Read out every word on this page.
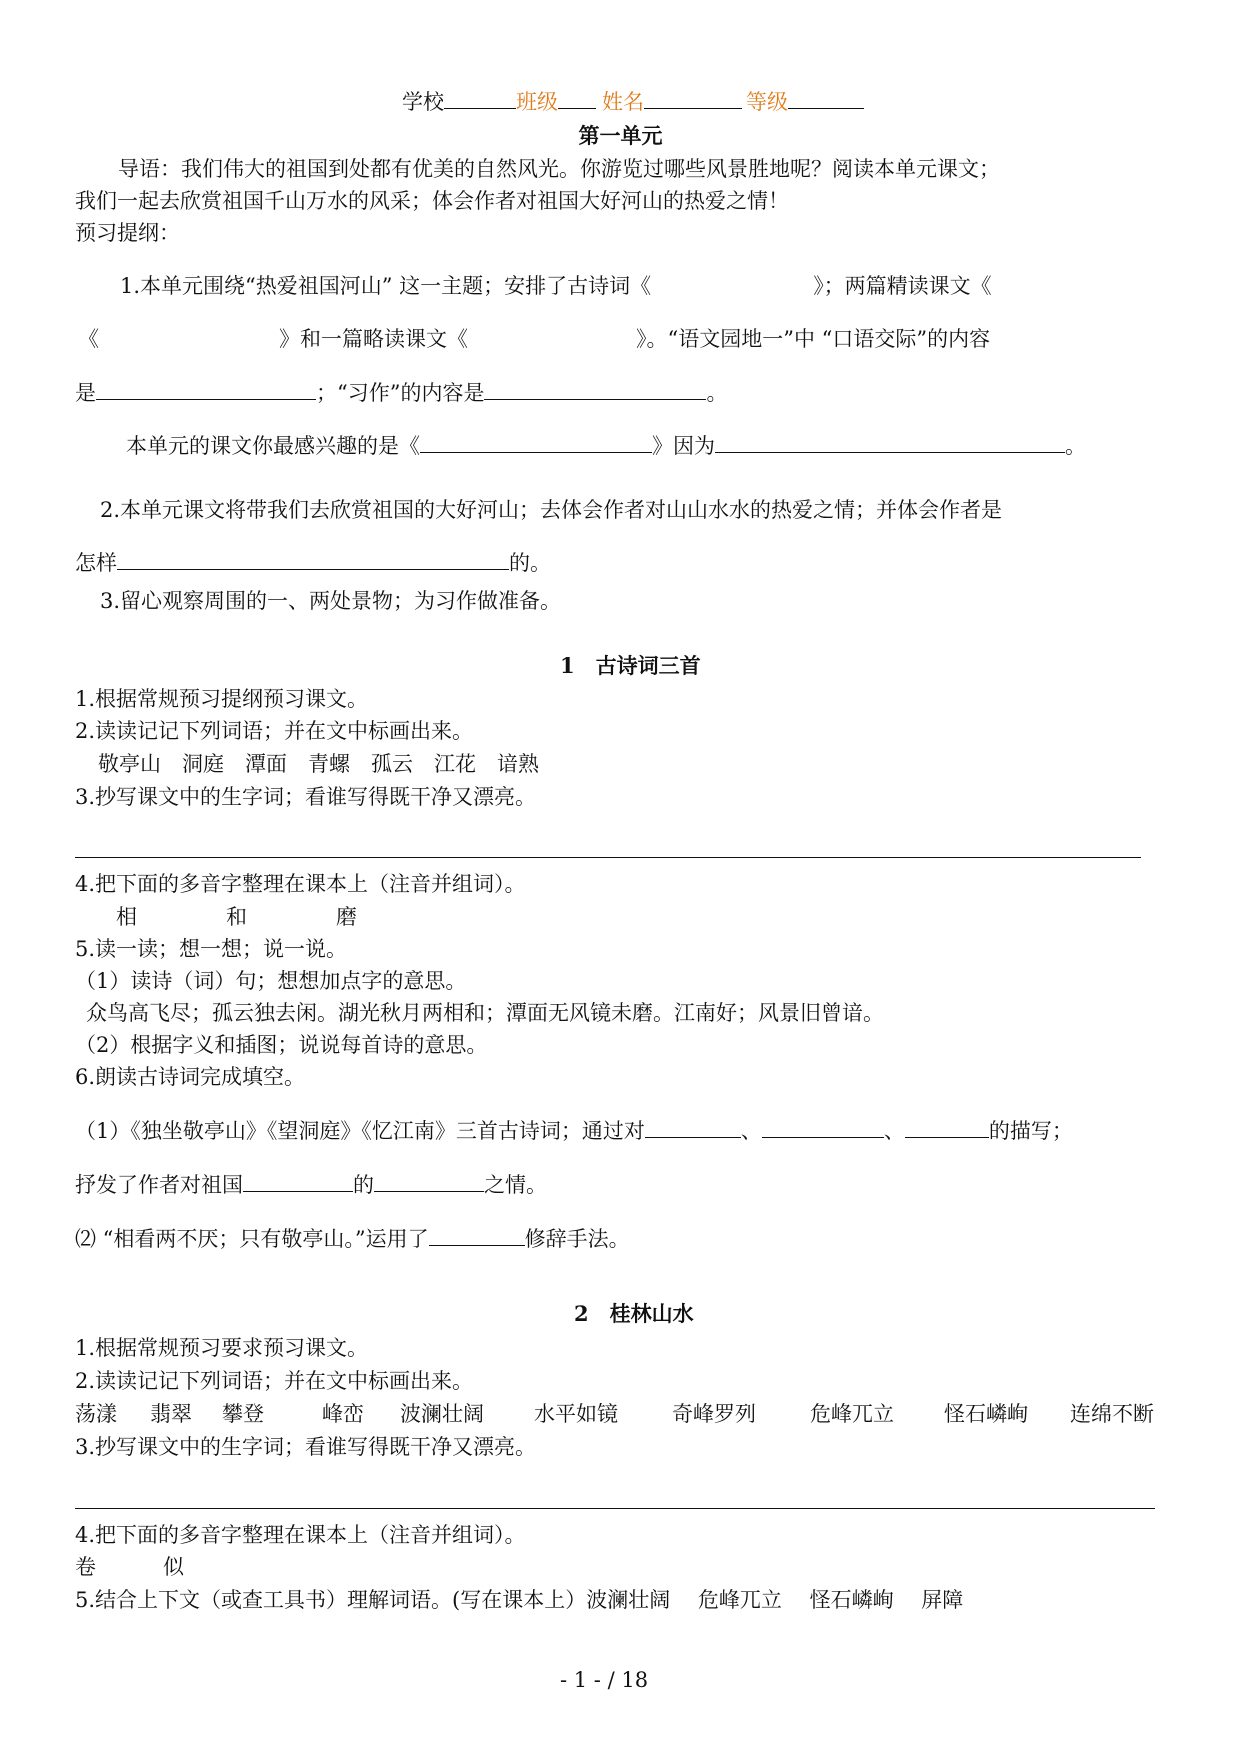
学校	班级 姓名	等级
第一单元
导语：我们伟大的祖国到处都有优美的自然风光。你游览过哪些风景胜地呢？阅读本单元课文；
我们一起去欣赏祖国千山万水的风采；体会作者对祖国大好河山的热爱之情！
预习提纲：
1.本单元围绕“热爱祖国河山” 这一主题；安排了古诗词《	》；两篇精读课文《
《	》和一篇略读课文《	》。“语文园地一”中 “口语交际”的内容
是	；“习作”的内容是	。
本单元的课文你最感兴趣的是《	》因为	。
2.本单元课文将带我们去欣赏祖国的大好河山；去体会作者对山山水水的热爱之情；并体会作者是
怎样	的。
3.留心观察周围的一、两处景物；为习作做准备。
1　古诗词三首
1.根据常规预习提纲预习课文。
2.读读记记下列词语；并在文中标画出来。
敬亭山　洞庭　潭面　青螺　孤云　江花　谙熟
3.抄写课文中的生字词；看谁写得既干净又漂亮。
4.把下面的多音字整理在课本上（注音并组词）。
相	和	磨
5.读一读；想一想；说一说。
（1）读诗（词）句；想想加点字的意思。
众鸟高飞尽；孤云独去闲。湖光秋月两相和；潭面无风镜未磨。江南好；风景旧曾谙。
（2）根据字义和插图；说说每首诗的意思。
6.朗读古诗词完成填空。
（1）《独坐敬亭山》《望洞庭》《忆江南》三首古诗词；通过对	、	、	的描写；
抒发了作者对祖国	的	之情。
⑵ “相看两不厌；只有敬亭山。”运用了	修辞手法。
2　桂林山水
1.根据常规预习要求预习课文。
2.读读记记下列词语；并在文中标画出来。
荡漾 翡翠 攀登	峰峦 波澜壮阔 水平如镜	奇峰罗列	危峰兀立 怪石嶙峋 连绵不断
3.抄写课文中的生字词；看谁写得既干净又漂亮。
4.把下面的多音字整理在课本上（注音并组词）。
卷	似
5.结合上下文（或查工具书）理解词语。(写在课本上）波澜壮阔　 危峰兀立　 怪石嶙峋　 屏障
- 1 - / 18
